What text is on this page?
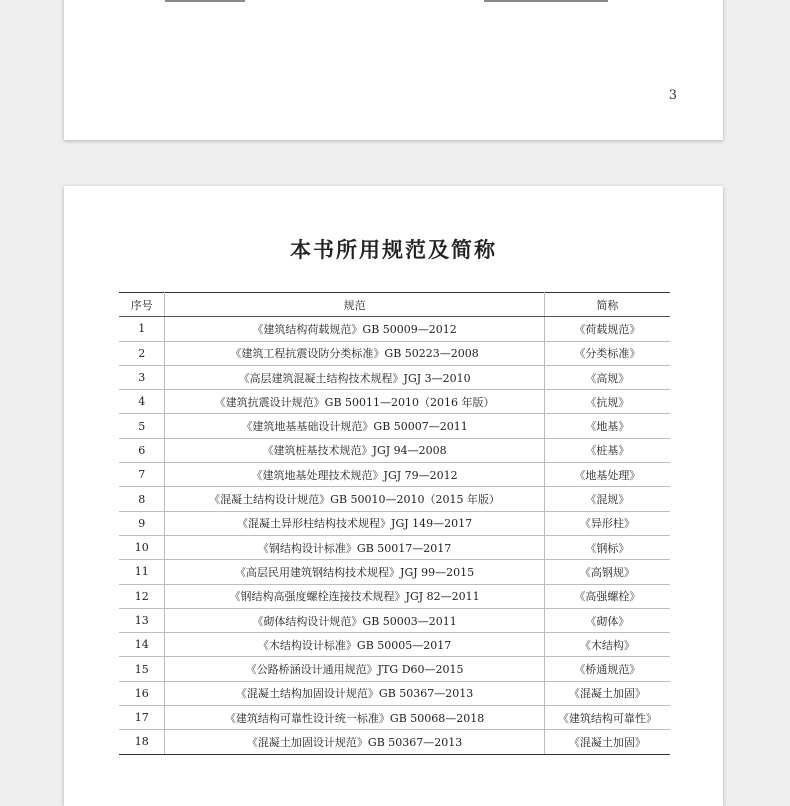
3
本书所用规范及简称
序号	规范	简称
1	《建筑结构荷载规范》GB 50009—2012	《荷载规范》
2	《建筑工程抗震设防分类标准》GB 50223—2008	《分类标准》
3	《高层建筑混凝土结构技术规程》JGJ 3—2010	《高规》
4	《建筑抗震设计规范》GB 50011—2010（2016 年版）	《抗规》
5	《建筑地基基础设计规范》GB 50007—2011	《地基》
6	《建筑桩基技术规范》JGJ 94—2008	《桩基》
7	《建筑地基处理技术规范》JGJ 79—2012	《地基处理》
8	《混凝土结构设计规范》GB 50010—2010（2015 年版）	《混规》
9	《混凝土异形柱结构技术规程》JGJ 149—2017	《异形柱》
10	《钢结构设计标准》GB 50017—2017	《钢标》
11	《高层民用建筑钢结构技术规程》JGJ 99—2015	《高钢规》
12	《钢结构高强度螺栓连接技术规程》JGJ 82—2011	《高强螺栓》
13	《砌体结构设计规范》GB 50003—2011	《砌体》
14	《木结构设计标准》GB 50005—2017	《木结构》
15	《公路桥涵设计通用规范》JTG D60—2015	《桥通规范》
16	《混凝土结构加固设计规范》GB 50367—2013	《混凝土加固》
17	《建筑结构可靠性设计统一标准》GB 50068—2018	《建筑结构可靠性》
18	《混凝土加固设计规范》GB 50367—2013	《混凝土加固》
